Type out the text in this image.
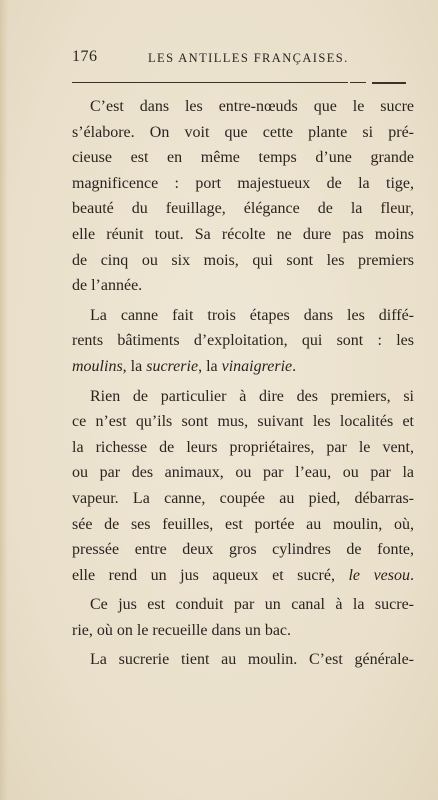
176	LES ANTILLES FRANÇAISES.
C’est dans les entre-nœuds que le sucre
s’élabore. On voit que cette plante si pré-
cieuse est en même temps d’une grande
magnificence : port majestueux de la tige,
beauté du feuillage, élégance de la fleur,
elle réunit tout. Sa récolte ne dure pas moins
de cinq ou six mois, qui sont les premiers
de l’année.
La canne fait trois étapes dans les diffé-
rents bâtiments d’exploitation, qui sont : les
moulins, la sucrerie, la vinaigrerie.
Rien de particulier à dire des premiers, si
ce n’est qu’ils sont mus, suivant les localités et
la richesse de leurs propriétaires, par le vent,
ou par des animaux, ou par l’eau, ou par la
vapeur. La canne, coupée au pied, débarras-
sée de ses feuilles, est portée au moulin, où,
pressée entre deux gros cylindres de fonte,
elle rend un jus aqueux et sucré, le vesou.
Ce jus est conduit par un canal à la sucre-
rie, où on le recueille dans un bac.
La sucrerie tient au moulin. C’est générale-
